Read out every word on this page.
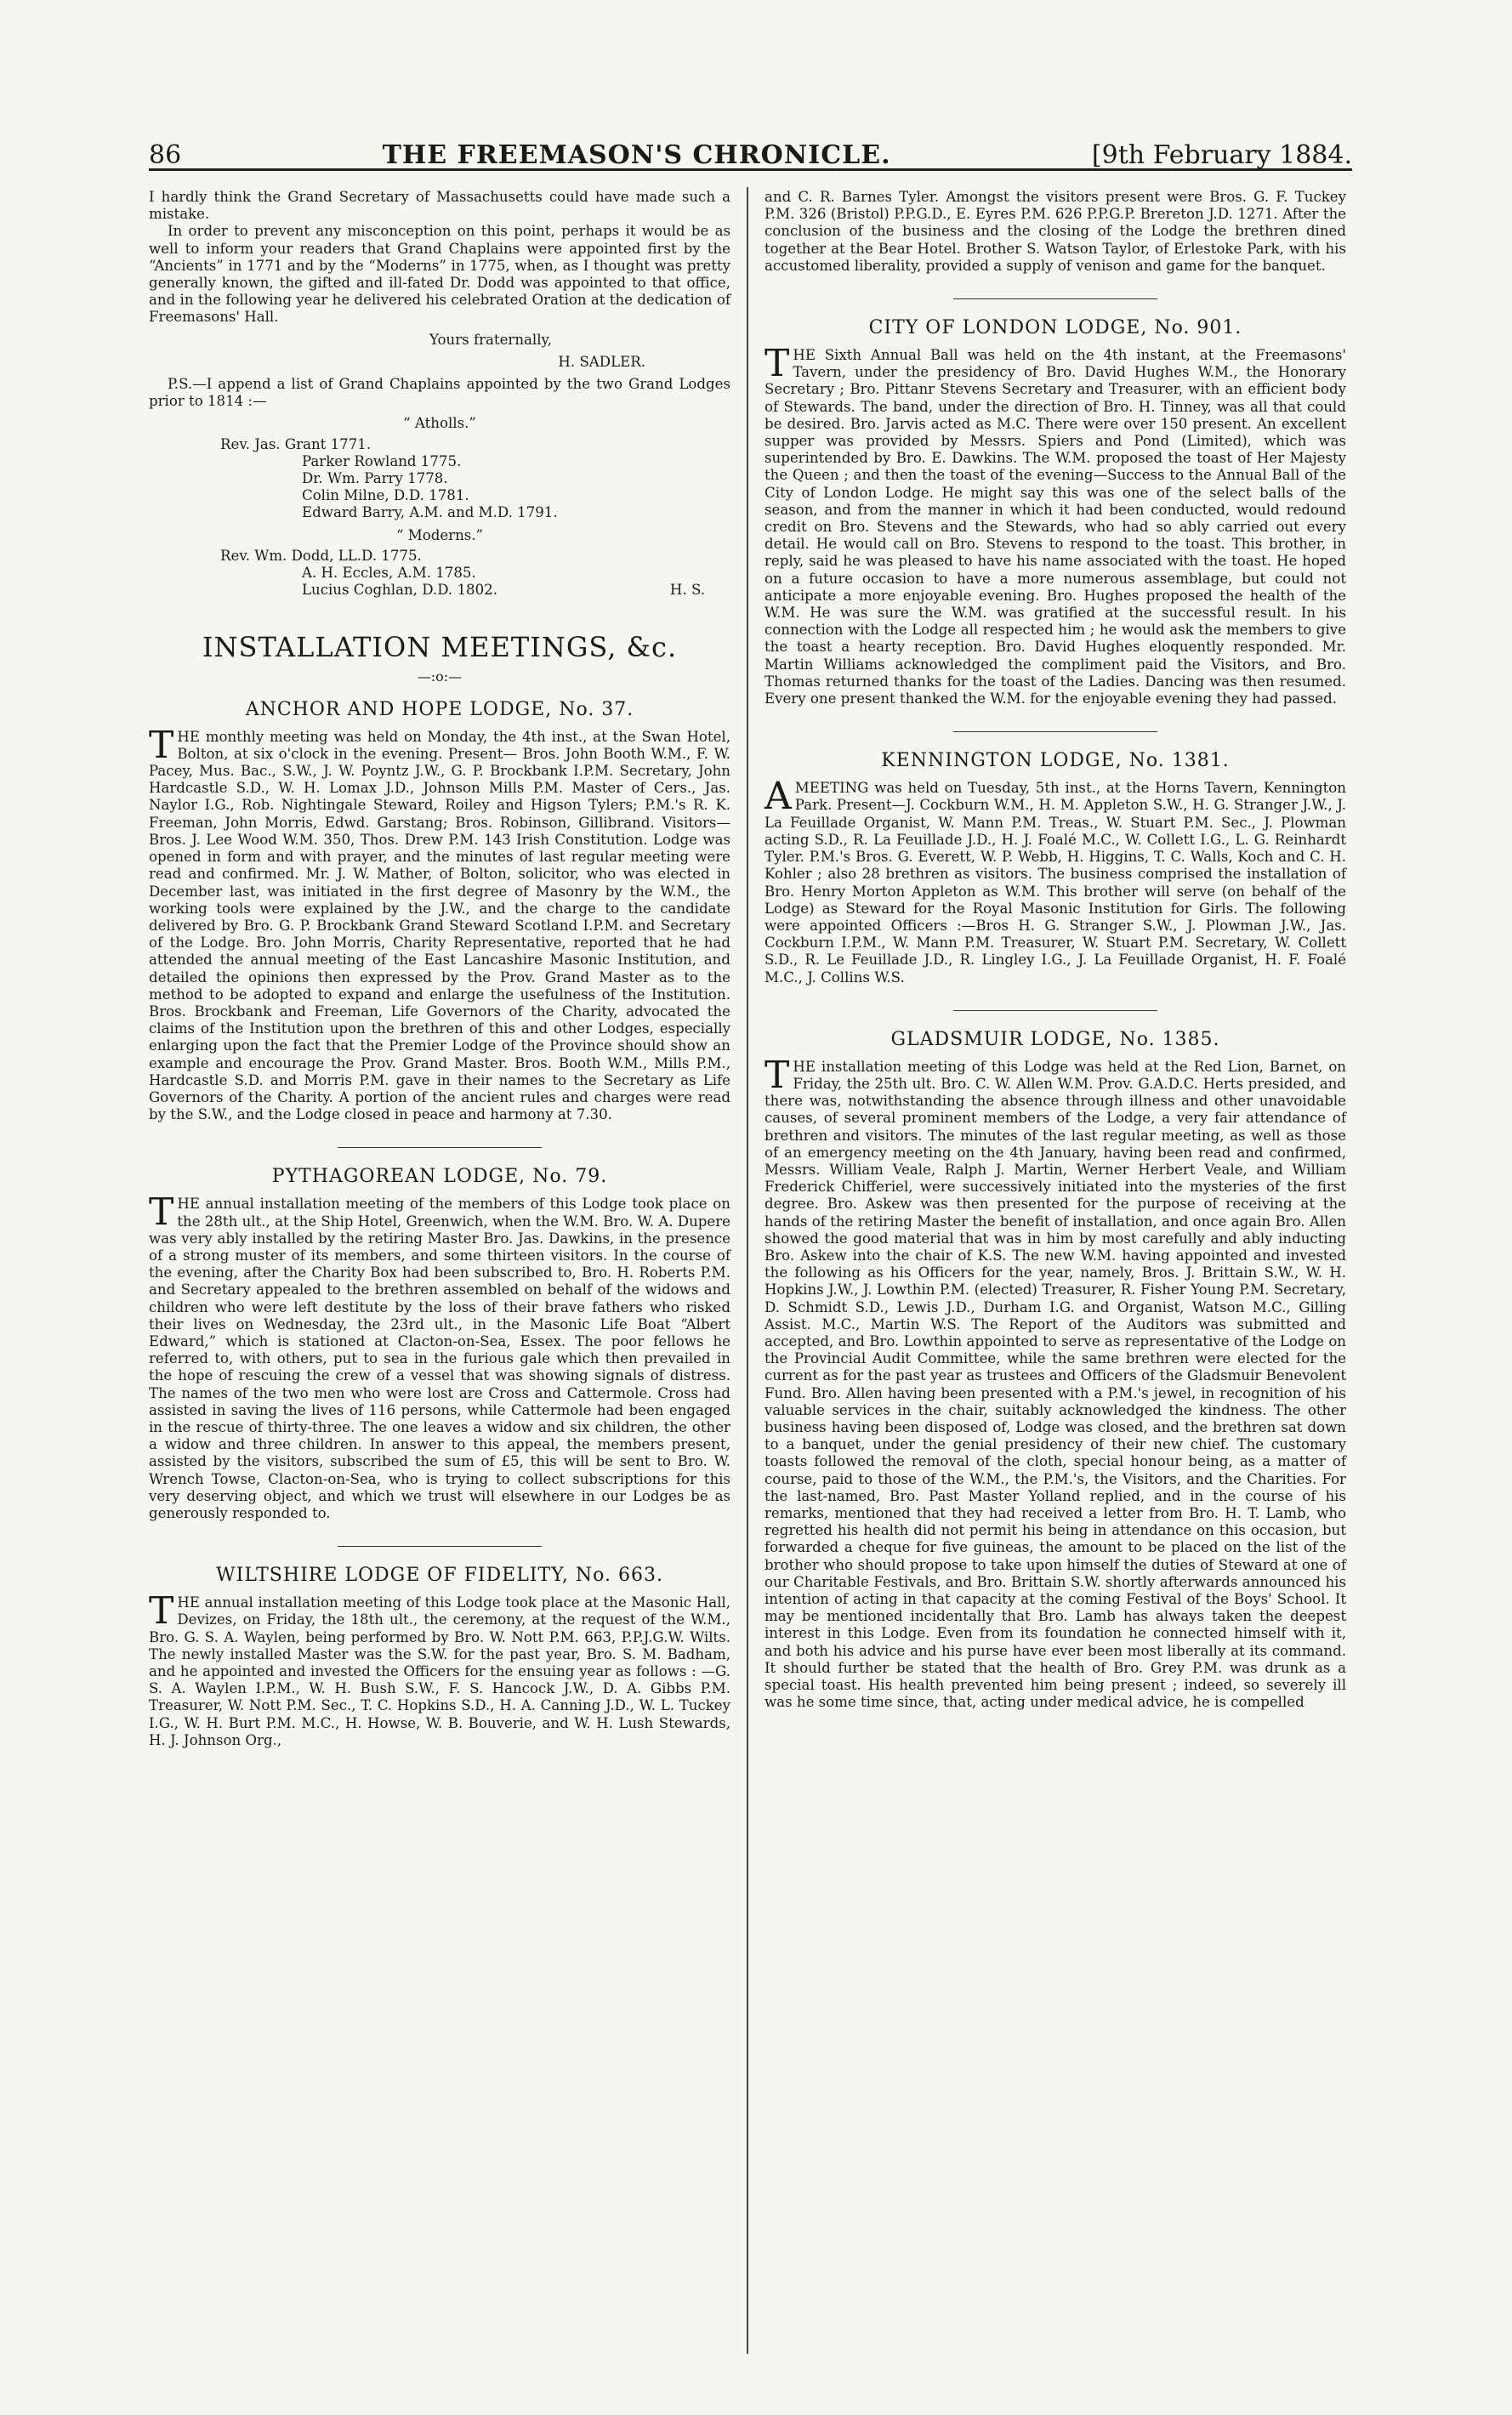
86	THE FREEMASON'S CHRONICLE.	[9th February 1884.

I hardly think the Grand Secretary of Massachusetts could have made such a mistake.

In order to prevent any misconception on this point, perhaps it would be as well to inform your readers that Grand Chaplains were appointed first by the “Ancients” in 1771 and by the “Moderns” in 1775, when, as I thought was pretty generally known, the gifted and ill-fated Dr. Dodd was appointed to that office, and in the following year he delivered his celebrated Oration at the dedication of Freemasons' Hall.

Yours fraternally,
H. SADLER.

P.S.—I append a list of Grand Chaplains appointed by the two Grand Lodges prior to 1814 :—

“ Atholls.”
Rev. Jas. Grant 1771.
Parker Rowland 1775.
Dr. Wm. Parry 1778.
Colin Milne, D.D. 1781.
Edward Barry, A.M. and M.D. 1791.
“ Moderns.”
Rev. Wm. Dodd, LL.D. 1775.
A. H. Eccles, A.M. 1785.
Lucius Coghlan, D.D. 1802.	H. S.
INSTALLATION MEETINGS, &c.
—:o:—
ANCHOR AND HOPE LODGE, No. 37.

THE monthly meeting was held on Monday, the 4th inst., at the Swan Hotel, Bolton, at six o'clock in the evening. Present— Bros. John Booth W.M., F. W. Pacey, Mus. Bac., S.W., J. W. Poyntz J.W., G. P. Brockbank I.P.M. Secretary, John Hardcastle S.D., W. H. Lomax J.D., Johnson Mills P.M. Master of Cers., Jas. Naylor I.G., Rob. Nightingale Steward, Roiley and Higson Tylers; P.M.'s R. K. Freeman, John Morris, Edwd. Garstang; Bros. Robinson, Gillibrand. Visitors—Bros. J. Lee Wood W.M. 350, Thos. Drew P.M. 143 Irish Constitution. Lodge was opened in form and with prayer, and the minutes of last regular meeting were read and confirmed. Mr. J. W. Mather, of Bolton, solicitor, who was elected in December last, was initiated in the first degree of Masonry by the W.M., the working tools were explained by the J.W., and the charge to the candidate delivered by Bro. G. P. Brockbank Grand Steward Scotland I.P.M. and Secretary of the Lodge. Bro. John Morris, Charity Representative, reported that he had attended the annual meeting of the East Lancashire Masonic Institution, and detailed the opinions then expressed by the Prov. Grand Master as to the method to be adopted to expand and enlarge the usefulness of the Institution. Bros. Brockbank and Freeman, Life Governors of the Charity, advocated the claims of the Institution upon the brethren of this and other Lodges, especially enlarging upon the fact that the Premier Lodge of the Province should show an example and encourage the Prov. Grand Master. Bros. Booth W.M., Mills P.M., Hardcastle S.D. and Morris P.M. gave in their names to the Secretary as Life Governors of the Charity. A portion of the ancient rules and charges were read by the S.W., and the Lodge closed in peace and harmony at 7.30.

PYTHAGOREAN LODGE, No. 79.

THE annual installation meeting of the members of this Lodge took place on the 28th ult., at the Ship Hotel, Greenwich, when the W.M. Bro. W. A. Dupere was very ably installed by the retiring Master Bro. Jas. Dawkins, in the presence of a strong muster of its members, and some thirteen visitors. In the course of the evening, after the Charity Box had been subscribed to, Bro. H. Roberts P.M. and Secretary appealed to the brethren assembled on behalf of the widows and children who were left destitute by the loss of their brave fathers who risked their lives on Wednesday, the 23rd ult., in the Masonic Life Boat “Albert Edward,” which is stationed at Clacton-on-Sea, Essex. The poor fellows he referred to, with others, put to sea in the furious gale which then prevailed in the hope of rescuing the crew of a vessel that was showing signals of distress. The names of the two men who were lost are Cross and Cattermole. Cross had assisted in saving the lives of 116 persons, while Cattermole had been engaged in the rescue of thirty-three. The one leaves a widow and six children, the other a widow and three children. In answer to this appeal, the members present, assisted by the visitors, subscribed the sum of £5, this will be sent to Bro. W. Wrench Towse, Clacton-on-Sea, who is trying to collect subscriptions for this very deserving object, and which we trust will elsewhere in our Lodges be as generously responded to.

WILTSHIRE LODGE OF FIDELITY, No. 663.

THE annual installation meeting of this Lodge took place at the Masonic Hall, Devizes, on Friday, the 18th ult., the ceremony, at the request of the W.M., Bro. G. S. A. Waylen, being performed by Bro. W. Nott P.M. 663, P.P.J.G.W. Wilts. The newly installed Master was the S.W. for the past year, Bro. S. M. Badham, and he appointed and invested the Officers for the ensuing year as follows : —G. S. A. Waylen I.P.M., W. H. Bush S.W., F. S. Hancock J.W., D. A. Gibbs P.M. Treasurer, W. Nott P.M. Sec., T. C. Hopkins S.D., H. A. Canning J.D., W. L. Tuckey I.G., W. H. Burt P.M. M.C., H. Howse, W. B. Bouverie, and W. H. Lush Stewards, H. J. Johnson Org.,

and C. R. Barnes Tyler. Amongst the visitors present were Bros. G. F. Tuckey P.M. 326 (Bristol) P.P.G.D., E. Eyres P.M. 626 P.P.G.P. Brereton J.D. 1271. After the conclusion of the business and the closing of the Lodge the brethren dined together at the Bear Hotel. Brother S. Watson Taylor, of Erlestoke Park, with his accustomed liberality, provided a supply of venison and game for the banquet.

CITY OF LONDON LODGE, No. 901.

THE Sixth Annual Ball was held on the 4th instant, at the Freemasons' Tavern, under the presidency of Bro. David Hughes W.M., the Honorary Secretary ; Bro. Pittanr Stevens Secretary and Treasurer, with an efficient body of Stewards. The band, under the direction of Bro. H. Tinney, was all that could be desired. Bro. Jarvis acted as M.C. There were over 150 present. An excellent supper was provided by Messrs. Spiers and Pond (Limited), which was superintended by Bro. E. Dawkins. The W.M. proposed the toast of Her Majesty the Queen ; and then the toast of the evening—Success to the Annual Ball of the City of London Lodge. He might say this was one of the select balls of the season, and from the manner in which it had been conducted, would redound credit on Bro. Stevens and the Stewards, who had so ably carried out every detail. He would call on Bro. Stevens to respond to the toast. This brother, in reply, said he was pleased to have his name associated with the toast. He hoped on a future occasion to have a more numerous assemblage, but could not anticipate a more enjoyable evening. Bro. Hughes proposed the health of the W.M. He was sure the W.M. was gratified at the successful result. In his connection with the Lodge all respected him ; he would ask the members to give the toast a hearty reception. Bro. David Hughes eloquently responded. Mr. Martin Williams acknowledged the compliment paid the Visitors, and Bro. Thomas returned thanks for the toast of the Ladies. Dancing was then resumed. Every one present thanked the W.M. for the enjoyable evening they had passed.

KENNINGTON LODGE, No. 1381.

AMEETING was held on Tuesday, 5th inst., at the Horns Tavern, Kennington Park. Present—J. Cockburn W.M., H. M. Appleton S.W., H. G. Stranger J.W., J. La Feuillade Organist, W. Mann P.M. Treas., W. Stuart P.M. Sec., J. Plowman acting S.D., R. La Feuillade J.D., H. J. Foalé M.C., W. Collett I.G., L. G. Reinhardt Tyler. P.M.'s Bros. G. Everett, W. P. Webb, H. Higgins, T. C. Walls, Koch and C. H. Kohler ; also 28 brethren as visitors. The business comprised the installation of Bro. Henry Morton Appleton as W.M. This brother will serve (on behalf of the Lodge) as Steward for the Royal Masonic Institution for Girls. The following were appointed Officers :—Bros H. G. Stranger S.W., J. Plowman J.W., Jas. Cockburn I.P.M., W. Mann P.M. Treasurer, W. Stuart P.M. Secretary, W. Collett S.D., R. Le Feuillade J.D., R. Lingley I.G., J. La Feuillade Organist, H. F. Foalé M.C., J. Collins W.S.

GLADSMUIR LODGE, No. 1385.

THE installation meeting of this Lodge was held at the Red Lion, Barnet, on Friday, the 25th ult. Bro. C. W. Allen W.M. Prov. G.A.D.C. Herts presided, and there was, notwithstanding the absence through illness and other unavoidable causes, of several prominent members of the Lodge, a very fair attendance of brethren and visitors. The minutes of the last regular meeting, as well as those of an emergency meeting on the 4th January, having been read and confirmed, Messrs. William Veale, Ralph J. Martin, Werner Herbert Veale, and William Frederick Chifferiel, were successively initiated into the mysteries of the first degree. Bro. Askew was then presented for the purpose of receiving at the hands of the retiring Master the benefit of installation, and once again Bro. Allen showed the good material that was in him by most carefully and ably inducting Bro. Askew into the chair of K.S. The new W.M. having appointed and invested the following as his Officers for the year, namely, Bros. J. Brittain S.W., W. H. Hopkins J.W., J. Lowthin P.M. (elected) Treasurer, R. Fisher Young P.M. Secretary, D. Schmidt S.D., Lewis J.D., Durham I.G. and Organist, Watson M.C., Gilling Assist. M.C., Martin W.S. The Report of the Auditors was submitted and accepted, and Bro. Lowthin appointed to serve as representative of the Lodge on the Provincial Audit Committee, while the same brethren were elected for the current as for the past year as trustees and Officers of the Gladsmuir Benevolent Fund. Bro. Allen having been presented with a P.M.'s jewel, in recognition of his valuable services in the chair, suitably acknowledged the kindness. The other business having been disposed of, Lodge was closed, and the brethren sat down to a banquet, under the genial presidency of their new chief. The customary toasts followed the removal of the cloth, special honour being, as a matter of course, paid to those of the W.M., the P.M.'s, the Visitors, and the Charities. For the last-named, Bro. Past Master Yolland replied, and in the course of his remarks, mentioned that they had received a letter from Bro. H. T. Lamb, who regretted his health did not permit his being in attendance on this occasion, but forwarded a cheque for five guineas, the amount to be placed on the list of the brother who should propose to take upon himself the duties of Steward at one of our Charitable Festivals, and Bro. Brittain S.W. shortly afterwards announced his intention of acting in that capacity at the coming Festival of the Boys' School. It may be mentioned incidentally that Bro. Lamb has always taken the deepest interest in this Lodge. Even from its foundation he connected himself with it, and both his advice and his purse have ever been most liberally at its command. It should further be stated that the health of Bro. Grey P.M. was drunk as a special toast. His health prevented him being present ; indeed, so severely ill was he some time since, that, acting under medical advice, he is compelled
